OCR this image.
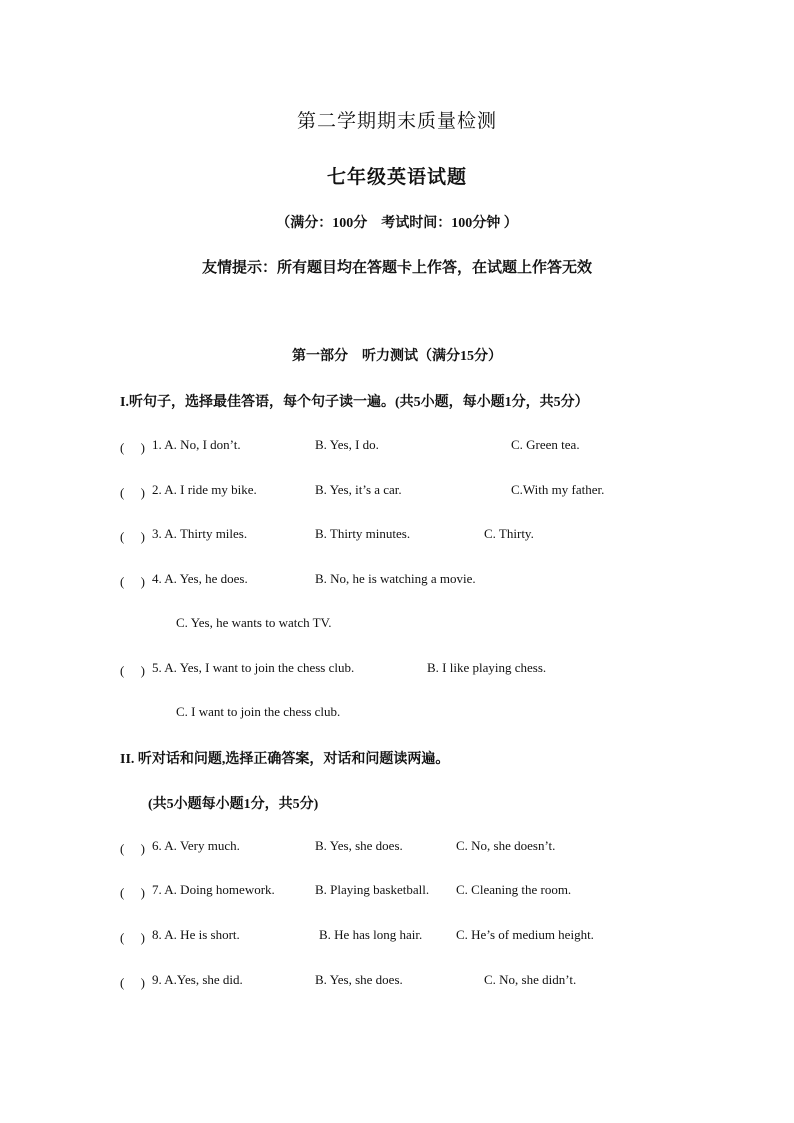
第二学期期末质量检测
七年级英语试题
（满分：100分　考试时间：100分钟 ）
友情提示：所有题目均在答题卡上作答，在试题上作答无效
第一部分　听力测试（满分15分）
I.听句子，选择最佳答语，每个句子读一遍。(共5小题，每小题1分，共5分）
(　 ) 1. A. No, I don’t.	B. Yes, I do.	C. Green tea.
(　 ) 2. A. I ride my bike.	B. Yes, it’s a car.	C.With my father.
(　 ) 3. A. Thirty miles.	B. Thirty minutes.	C. Thirty.
(　 ) 4. A. Yes, he does.	B. No, he is watching a movie.
C. Yes, he wants to watch TV.
(　 ) 5. A. Yes, I want to join the chess club.	B. I like playing chess.
C. I want to join the chess club.
II. 听对话和问题,选择正确答案，对话和问题读两遍。
(共5小题每小题1分，共5分)
(　 ) 6. A. Very much.	B. Yes, she does.	C. No, she doesn’t.
(　 ) 7. A. Doing homework.	B. Playing basketball. C. Cleaning the room.
(　 ) 8. A. He is short.	B. He has long hair.	C. He’s of medium height.
(　 ) 9. A.Yes, she did.	B. Yes, she does.	C. No, she didn’t.
